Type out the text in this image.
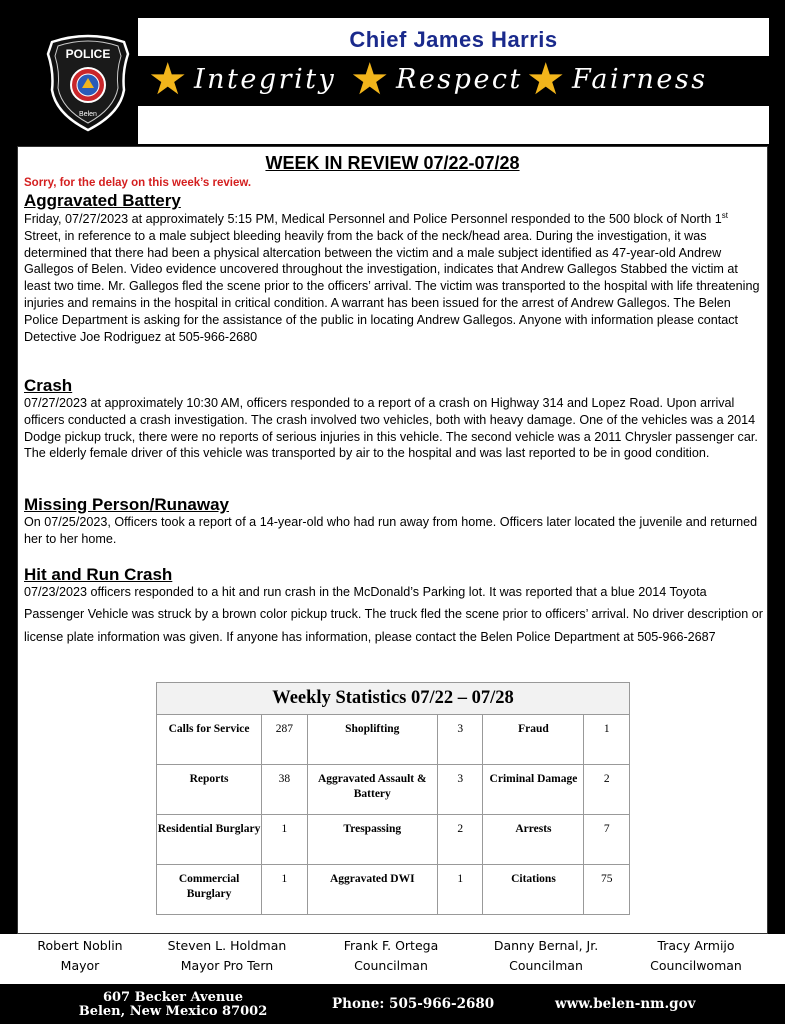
POLICE
Belen
Chief James Harris
★ Integrity ★ Respect ★ Fairness
WEEK IN REVIEW 07/22-07/28
Sorry, for the delay on this week’s review.
Aggravated Battery
Friday, 07/27/2023 at approximately 5:15 PM, Medical Personnel and Police Personnel responded to the 500 block of North 1st Street, in reference to a male subject bleeding heavily from the back of the neck/head area. During the investigation, it was determined that there had been a physical altercation between the victim and a male subject identified as 47-year-old Andrew Gallegos of Belen. Video evidence uncovered throughout the investigation, indicates that Andrew Gallegos Stabbed the victim at least two time. Mr. Gallegos fled the scene prior to the officers’ arrival. The victim was transported to the hospital with life threatening injuries and remains in the hospital in critical condition. A warrant has been issued for the arrest of Andrew Gallegos. The Belen Police Department is asking for the assistance of the public in locating Andrew Gallegos. Anyone with information please contact Detective Joe Rodriguez at 505-966-2680
Crash
07/27/2023 at approximately 10:30 AM, officers responded to a report of a crash on Highway 314 and Lopez Road. Upon arrival officers conducted a crash investigation. The crash involved two vehicles, both with heavy damage. One of the vehicles was a 2014 Dodge pickup truck, there were no reports of serious injuries in this vehicle. The second vehicle was a 2011 Chrysler passenger car. The elderly female driver of this vehicle was transported by air to the hospital and was last reported to be in good condition.
Missing Person/Runaway
On 07/25/2023, Officers took a report of a 14-year-old who had run away from home. Officers later located the juvenile and returned her to her home.
Hit and Run Crash
07/23/2023 officers responded to a hit and run crash in the McDonald’s Parking lot. It was reported that a blue 2014 Toyota Passenger Vehicle was struck by a brown color pickup truck. The truck fled the scene prior to officers’ arrival. No driver description or license plate information was given. If anyone has information, please contact the Belen Police Department at 505-966-2687
Weekly Statistics 07/22 – 07/28					
Calls for Service	287	Shoplifting	3	Fraud	1
Reports	38	Aggravated Assault & Battery	3	Criminal Damage	2
Residential Burglary	1	Trespassing	2	Arrests	7
Commercial Burglary	1	Aggravated DWI	1	Citations	75
Robert Noblin
Mayor
Steven L. Holdman
Mayor Pro Tern
Frank F. Ortega
Councilman
Danny Bernal, Jr.
Councilman
Tracy Armijo
Councilwoman
607 Becker Avenue
Belen, New Mexico 87002	Phone: 505-966-2680	www.belen-nm.gov
